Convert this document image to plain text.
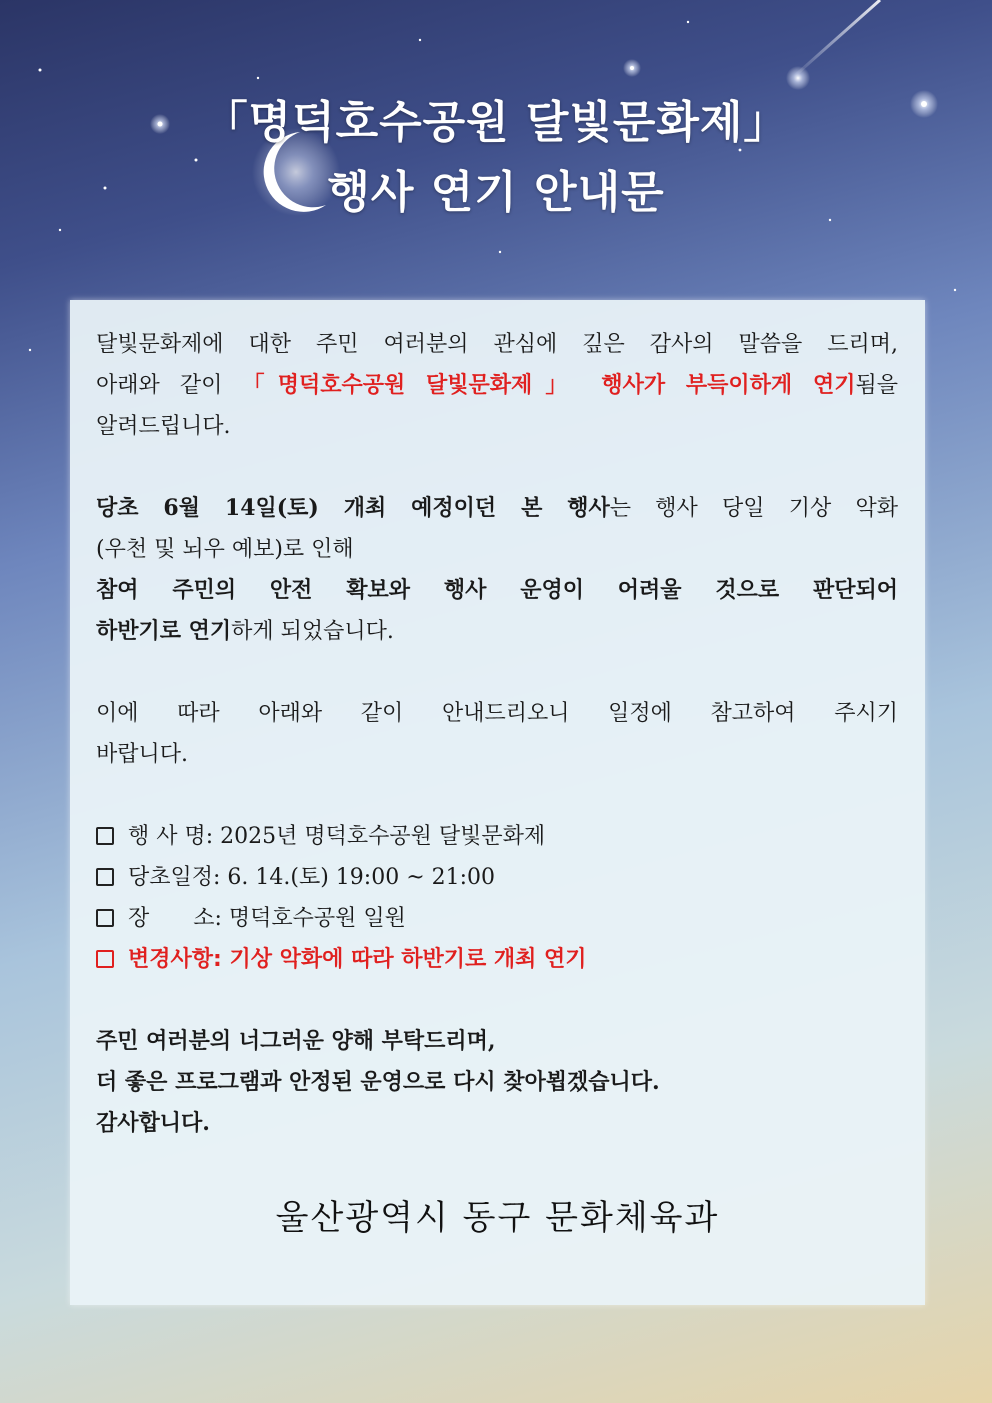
「명덕호수공원 달빛문화제」
행사 연기 안내문

달빛문화제에 대한 주민 여러분의 관심에 깊은 감사의 말씀을 드리며,

아래와 같이 「명덕호수공원 달빛문화제」 행사가 부득이하게 연기됨을

알려드립니다.

당초 6월 14일(토) 개최 예정이던 본 행사는 행사 당일 기상 악화

(우천 및 뇌우 예보)로 인해

참여 주민의 안전 확보와 행사 운영이 어려울 것으로 판단되어

하반기로 연기하게 되었습니다.

이에 따라 아래와 같이 안내드리오니 일정에 참고하여 주시기

바랍니다.

행 사 명: 2025년 명덕호수공원 달빛문화제

당초일정: 6. 14.(토) 19:00 ~ 21:00

장　　소: 명덕호수공원 일원

변경사항: 기상 악화에 따라 하반기로 개최 연기

주민 여러분의 너그러운 양해 부탁드리며,

더 좋은 프로그램과 안정된 운영으로 다시 찾아뵙겠습니다.

감사합니다.

울산광역시 동구 문화체육과
